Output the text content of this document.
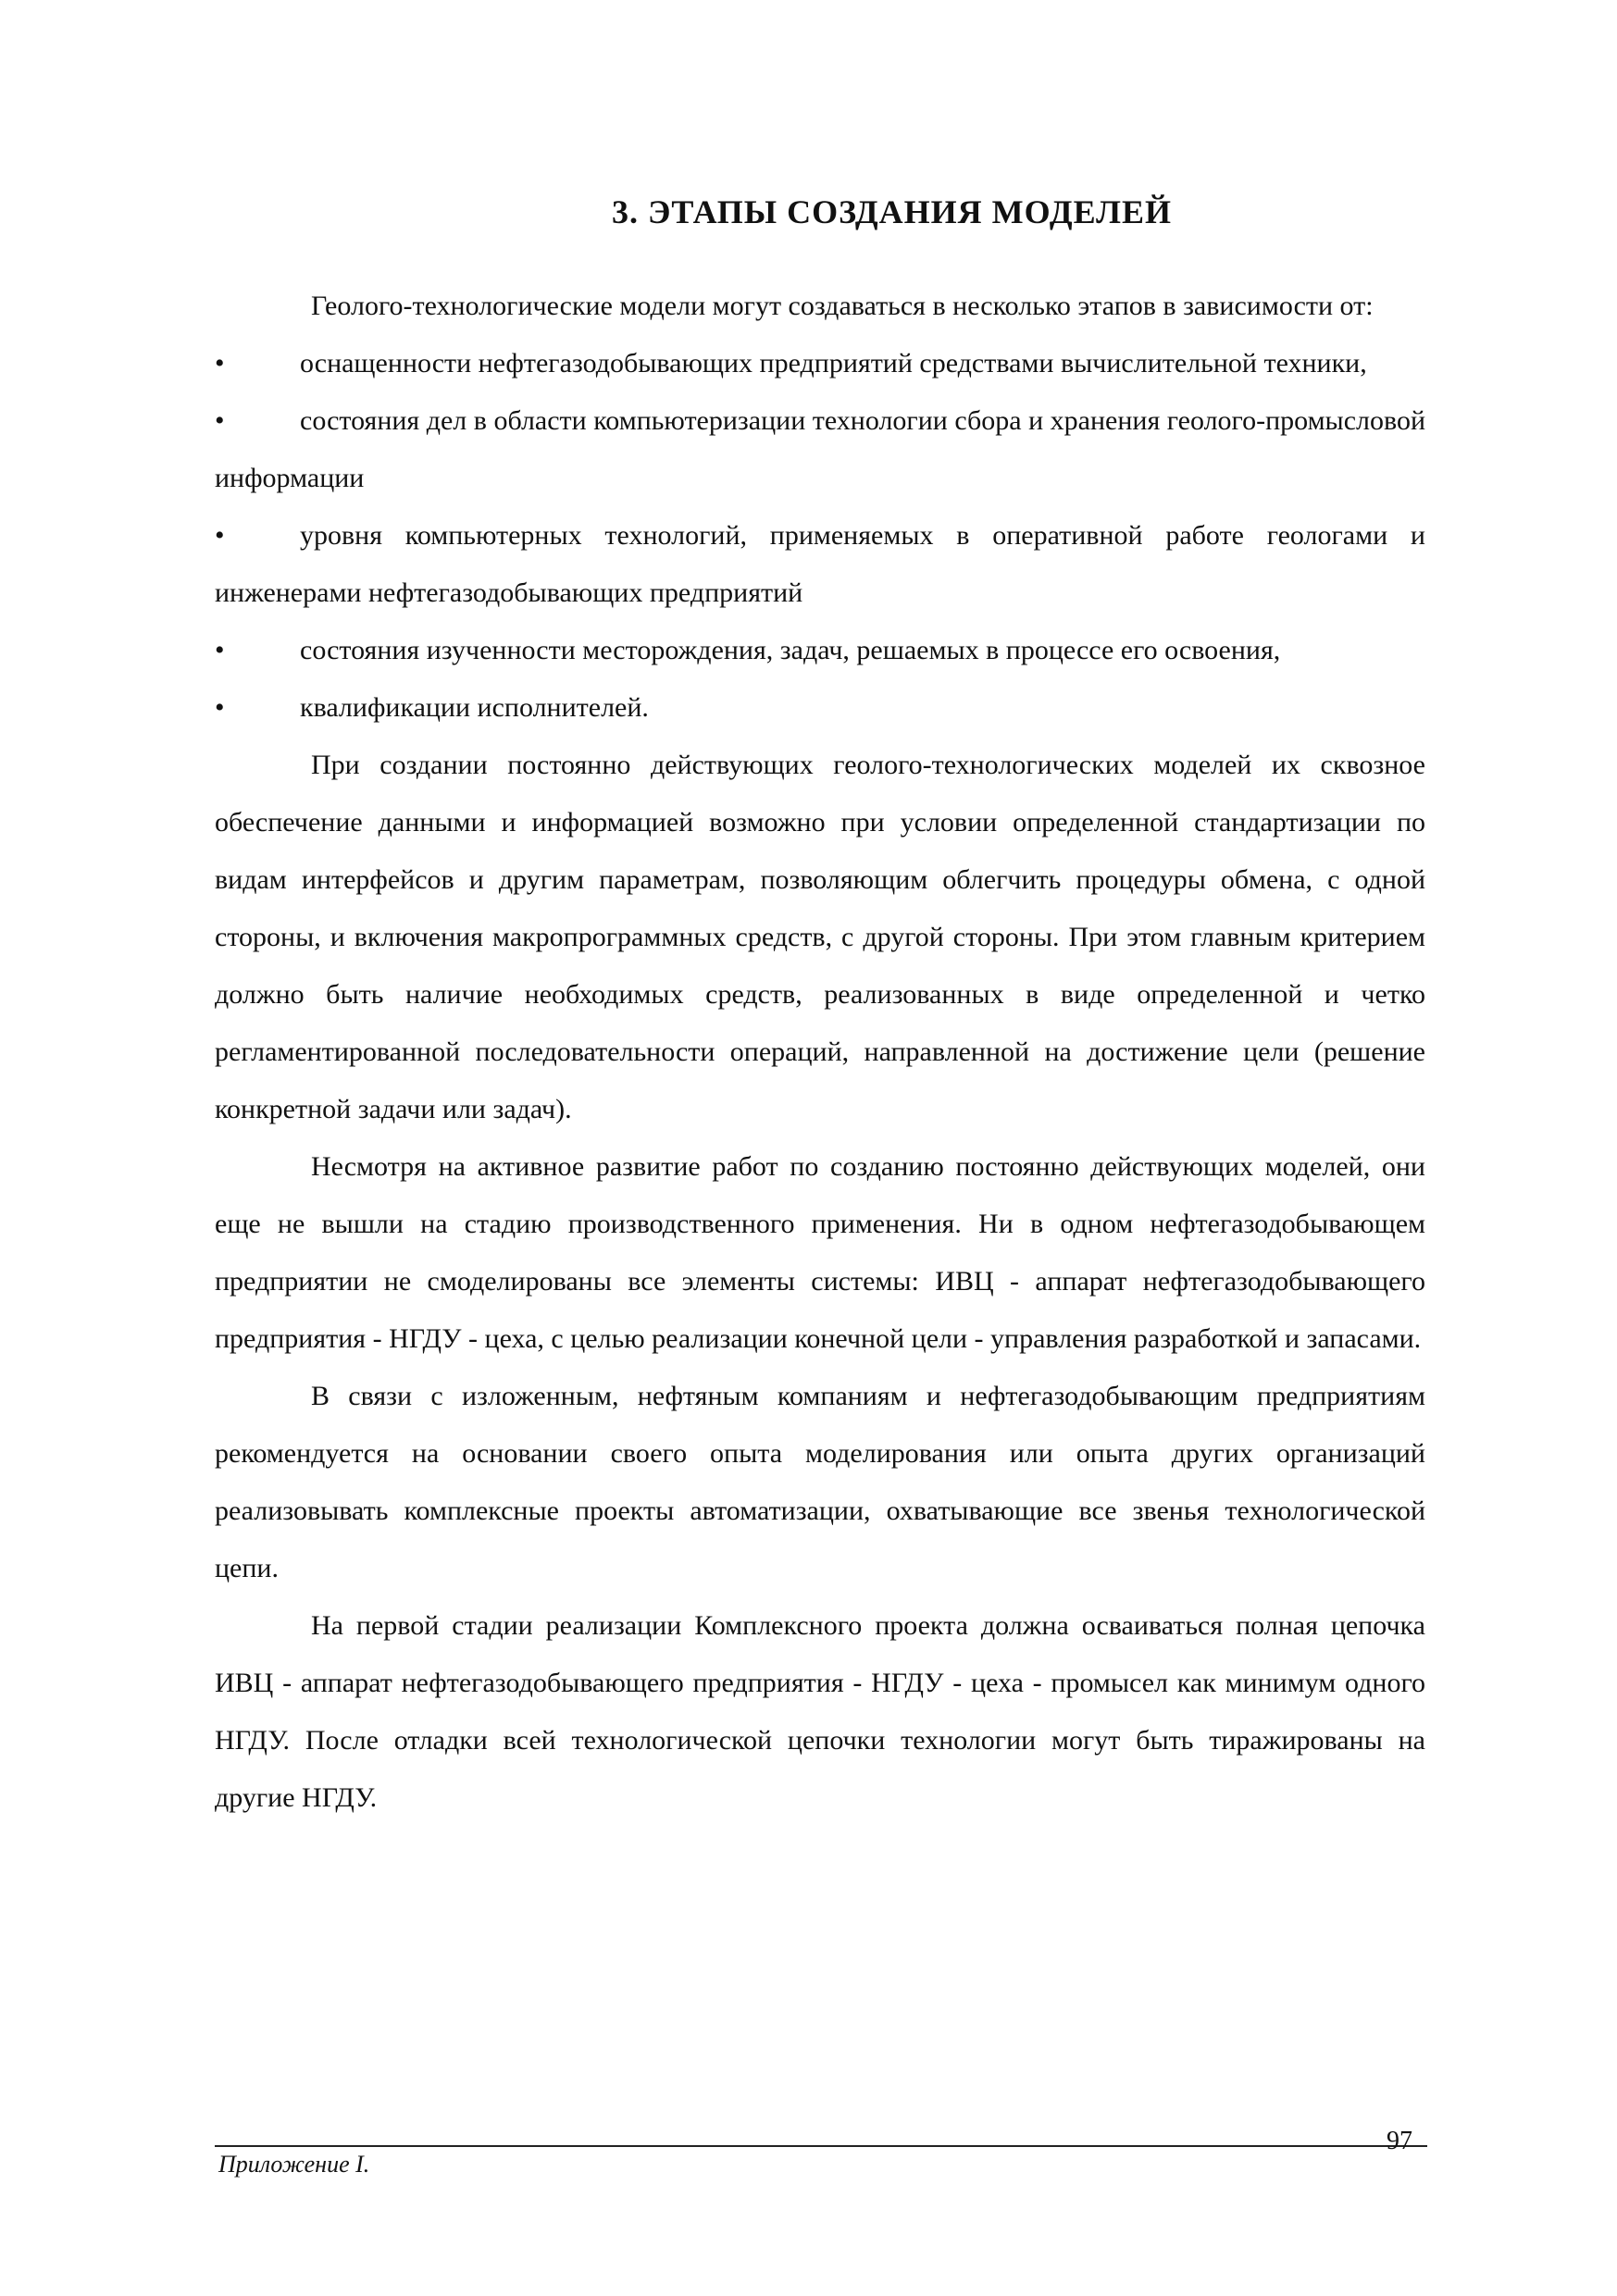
3. ЭТАПЫ СОЗДАНИЯ МОДЕЛЕЙ

Геолого-технологические модели могут создаваться в несколько этапов в зависимости от:

•	оснащенности нефтегазодобывающих предприятий средствами вычислительной техники,

•	состояния дел в области компьютеризации технологии сбора и хранения геолого-промысловой информации

•	уровня компьютерных технологий, применяемых в оперативной работе геологами и инженерами нефтегазодобывающих предприятий

•	состояния изученности месторождения, задач, решаемых в процессе его освоения,

•	квалификации исполнителей.

При создании постоянно действующих геолого-технологических моделей их сквозное обеспечение данными и информацией возможно при условии определенной стандартизации по видам интерфейсов и другим параметрам, позволяющим облегчить процедуры обмена, с одной стороны, и включения макропрограммных средств, с другой стороны. При этом главным критерием должно быть наличие необходимых средств, реализованных в виде определенной и четко регламентированной последовательности операций, направленной на достижение цели (решение конкретной задачи или задач).

Несмотря на активное развитие работ по созданию постоянно действующих моделей, они еще не вышли на стадию производственного применения. Ни в одном нефтегазодобывающем предприятии не смоделированы все элементы системы: ИВЦ - аппарат нефтегазодобывающего предприятия - НГДУ - цеха, с целью реализации конечной цели - управления разработкой и запасами.

В связи с изложенным, нефтяным компаниям и нефтегазодобывающим предприятиям рекомендуется на основании своего опыта моделирования или опыта других организаций реализовывать комплексные проекты автоматизации, охватывающие все звенья технологической цепи.

На первой стадии реализации Комплексного проекта должна осваиваться полная цепочка ИВЦ - аппарат нефтегазодобывающего предприятия - НГДУ - цеха - промысел как минимум одного НГДУ. После отладки всей технологической цепочки технологии могут быть тиражированы на другие НГДУ.

Приложение I.
97
